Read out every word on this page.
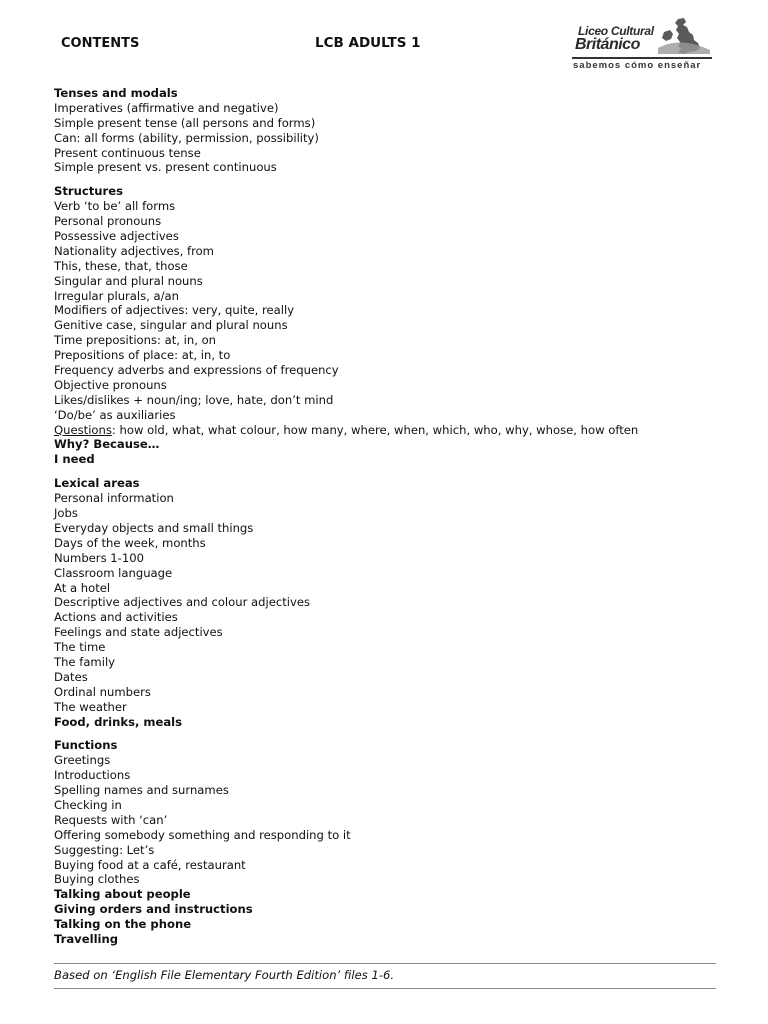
CONTENTS	LCB ADULTS 1
Liceo Cultural
Británico
sabemos cómo enseñar
Tenses and modals
Imperatives (affirmative and negative)
Simple present tense (all persons and forms)
Can: all forms (ability, permission, possibility)
Present continuous tense
Simple present vs. present continuous
Structures
Verb ‘to be’ all forms
Personal pronouns
Possessive adjectives
Nationality adjectives, from
This, these, that, those
Singular and plural nouns
Irregular plurals, a/an
Modifiers of adjectives: very, quite, really
Genitive case, singular and plural nouns
Time prepositions: at, in, on
Prepositions of place: at, in, to
Frequency adverbs and expressions of frequency
Objective pronouns
Likes/dislikes + noun/ing; love, hate, don’t mind
‘Do/be’ as auxiliaries
Questions: how old, what, what colour, how many, where, when, which, who, why, whose, how often
Why? Because…
I need
Lexical areas
Personal information
Jobs
Everyday objects and small things
Days of the week, months
Numbers 1-100
Classroom language
At a hotel
Descriptive adjectives and colour adjectives
Actions and activities
Feelings and state adjectives
The time
The family
Dates
Ordinal numbers
The weather
Food, drinks, meals
Functions
Greetings
Introductions
Spelling names and surnames
Checking in
Requests with ‘can’
Offering somebody something and responding to it
Suggesting: Let’s
Buying food at a café, restaurant
Buying clothes
Talking about people
Giving orders and instructions
Talking on the phone
Travelling
Based on ‘English File Elementary Fourth Edition’ files 1-6.
